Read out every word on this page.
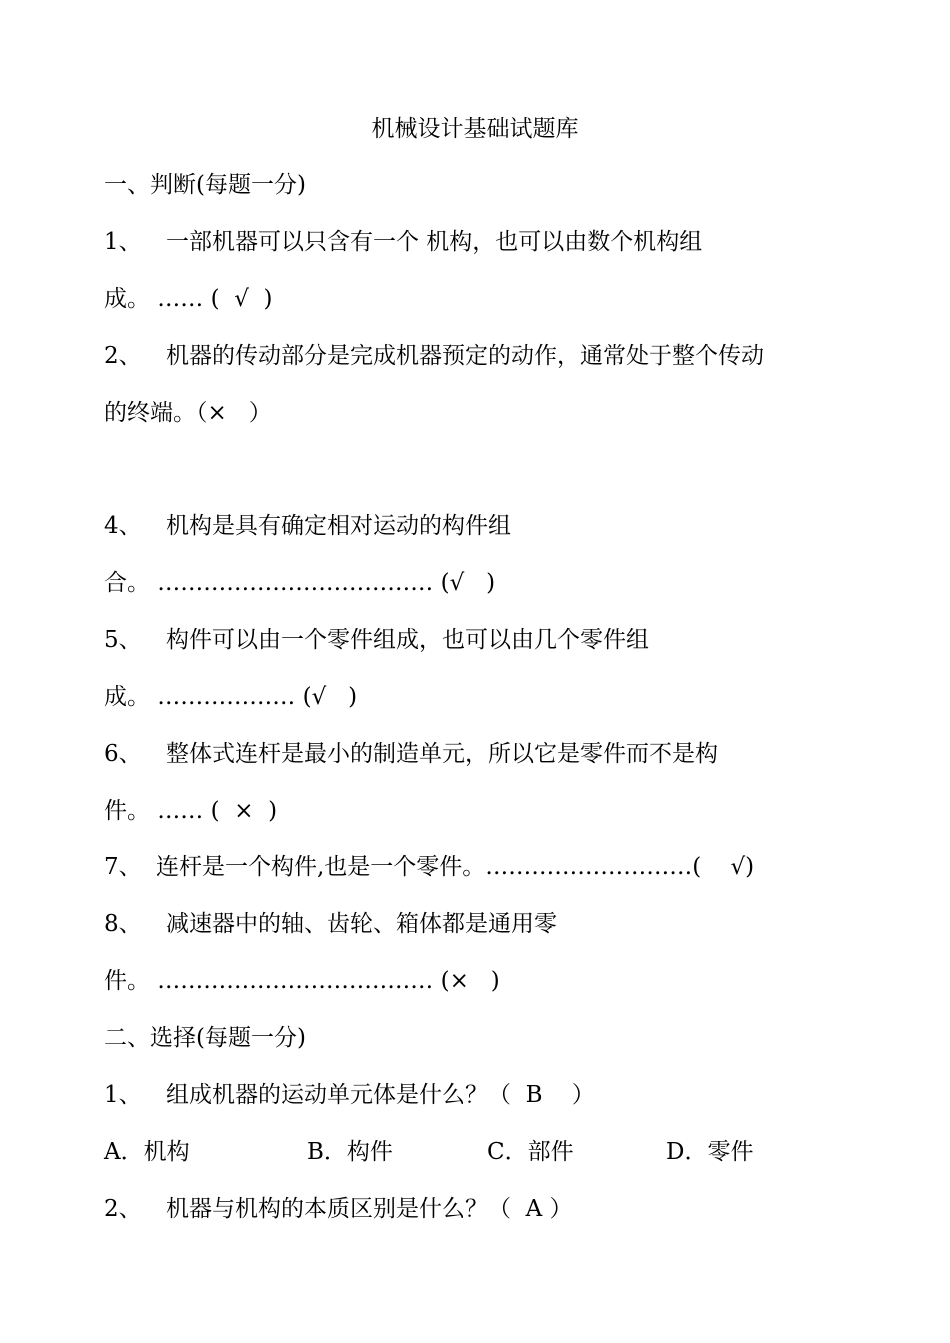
机械设计基础试题库
一、判断(每题一分)
1、 一部机器可以只含有一个 机构，也可以由数个机构组
成。 …… (  √  )
2、 机器的传动部分是完成机器预定的动作，通常处于整个传动
的终端。（×   ）
4、 机构是具有确定相对运动的构件组
合。 ……………………………… (√   )
5、 构件可以由一个零件组成，也可以由几个零件组
成。 ……………… (√   )
6、 整体式连杆是最小的制造单元，所以它是零件而不是构
件。 …… (  ×  )
7、 连杆是一个构件,也是一个零件。………………………(    √)
8、 减速器中的轴、齿轮、箱体都是通用零
件。 ……………………………… (×   )
二、选择(每题一分)
1、 组成机器的运动单元体是什么？（  B    ）

A．机构

	B．构件

	C．部件

	D．零件

2、 机器与机构的本质区别是什么？（  A ）
